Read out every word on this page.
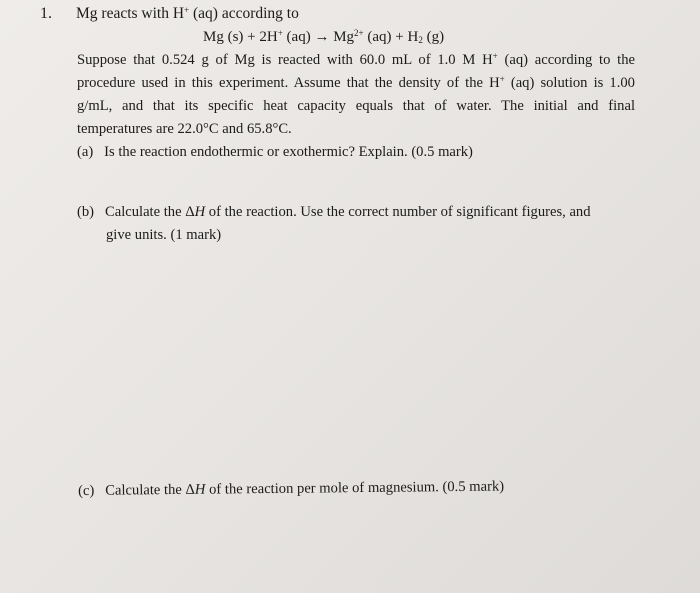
1. Mg reacts with H+ (aq) according to
Mg (s) + 2H+ $(aq) \to Mg^{2+}$ $(aq) + H_2$ (g)
Suppose that 0.524 g of Mg is reacted with 60.0 mL of 1.0 M H+ (aq) according to the
procedure used in this experiment. Assume that the density of the H+ (aq) solution is 1.00
g/mL, and that its specific heat capacity equals that of water. The initial and final
temperatures are 22.0°C and 65.8°C.
(a) Is the reaction endothermic or exothermic? Explain. (0.5 mark)
(b) Calculate the ΔH of the reaction. Use the correct number of significant figures, and
give units. (1 mark)
(c) Calculate the ΔH of the reaction per mole of magnesium. (0.5 mark)
